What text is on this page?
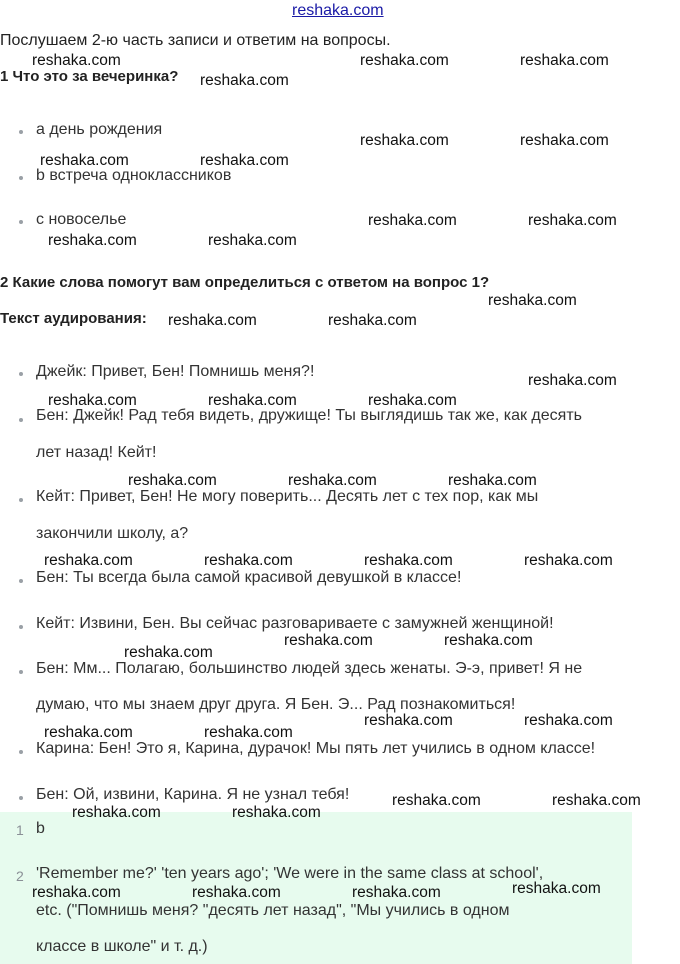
reshaka.com
Послушаем 2-ю часть записи и ответим на вопросы.
1 Что это за вечеринка?
a день рождения
b встреча одноклассников
c новоселье
2 Какие слова помогут вам определиться с ответом на вопрос 1?
Текст аудирования:
Джейк: Привет, Бен! Помнишь меня?!
Бен: Джейк! Рад тебя видеть, дружище! Ты выглядишь так же, как десять
лет назад! Кейт!
Кейт: Привет, Бен! Не могу поверить... Десять лет с тех пор, как мы
закончили школу, а?
Бен: Ты всегда была самой красивой девушкой в классе!
Кейт: Извини, Бен. Вы сейчас разговариваете с замужней женщиной!
Бен: Мм... Полагаю, большинство людей здесь женаты. Э-э, привет! Я не
думаю, что мы знаем друг друга. Я Бен. Э... Рад познакомиться!
Карина: Бен! Это я, Карина, дурачок! Мы пять лет учились в одном классе!
Бен: Ой, извини, Карина. Я не узнал тебя!
1 b
2 'Remember me?' 'ten years ago'; 'We were in the same class at school',
etc. ("Помнишь меня? "десять лет назад", "Мы учились в одном
классе в школе" и т. д.)
reshaka.com	reshaka.com	reshaka.com
reshaka.com
reshaka.com	reshaka.com
reshaka.com	reshaka.com
reshaka.com	reshaka.com
reshaka.com	reshaka.com
reshaka.com
reshaka.com	reshaka.com
reshaka.com
reshaka.com	reshaka.com	reshaka.com
reshaka.com	reshaka.com	reshaka.com
reshaka.com	reshaka.com	reshaka.com	reshaka.com
reshaka.com	reshaka.com
reshaka.com
reshaka.com	reshaka.com
reshaka.com	reshaka.com
reshaka.com	reshaka.com
reshaka.com	reshaka.com
reshaka.com
reshaka.com	reshaka.com	reshaka.com
